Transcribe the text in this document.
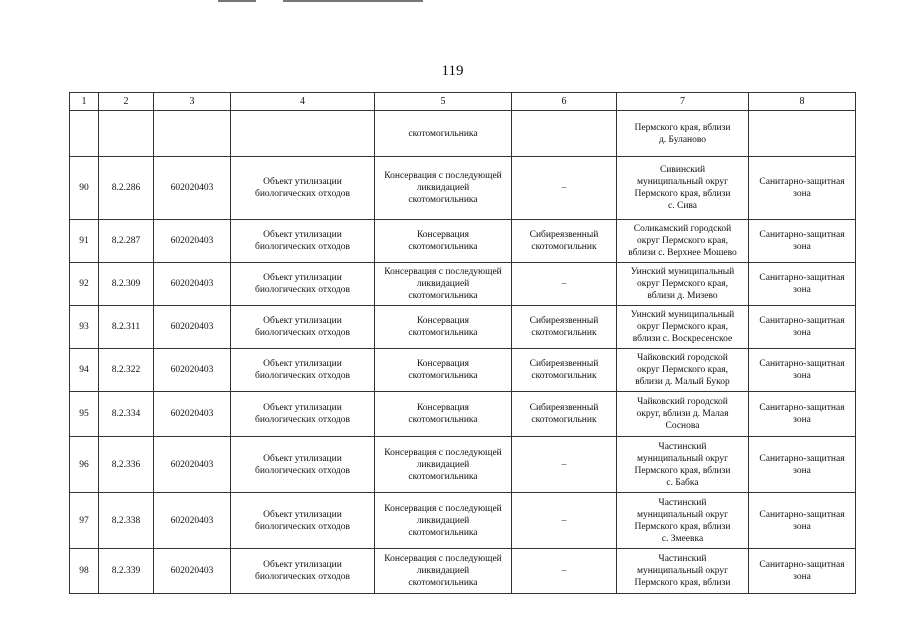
119
1	2	3	4	5	6	7	8
				скотомогильника		Пермского края, вблизи
д. Буланово	
90	8.2.286	602020403	Объект утилизации
биологических отходов	Консервация с последующей
ликвидацией
скотомогильника	–	Сивинский
муниципальный округ
Пермского края, вблизи
с. Сива	Санитарно-защитная
зона
91	8.2.287	602020403	Объект утилизации
биологических отходов	Консервация
скотомогильника	Сибиреязвенный
скотомогильник	Соликамский городской
округ Пермского края,
вблизи с. Верхнее Мошево	Санитарно-защитная
зона
92	8.2.309	602020403	Объект утилизации
биологических отходов	Консервация с последующей
ликвидацией
скотомогильника	–	Уинский муниципальный
округ Пермского края,
вблизи д. Мизево	Санитарно-защитная
зона
93	8.2.311	602020403	Объект утилизации
биологических отходов	Консервация
скотомогильника	Сибиреязвенный
скотомогильник	Уинский муниципальный
округ Пермского края,
вблизи с. Воскресенское	Санитарно-защитная
зона
94	8.2.322	602020403	Объект утилизации
биологических отходов	Консервация
скотомогильника	Сибиреязвенный
скотомогильник	Чайковский городской
округ Пермского края,
вблизи д. Малый Букор	Санитарно-защитная
зона
95	8.2.334	602020403	Объект утилизации
биологических отходов	Консервация
скотомогильника	Сибиреязвенный
скотомогильник	Чайковский городской
округ, вблизи д. Малая
Соснова	Санитарно-защитная
зона
96	8.2.336	602020403	Объект утилизации
биологических отходов	Консервация с последующей
ликвидацией
скотомогильника	–	Частинский
муниципальный округ
Пермского края, вблизи
с. Бабка	Санитарно-защитная
зона
97	8.2.338	602020403	Объект утилизации
биологических отходов	Консервация с последующей
ликвидацией
скотомогильника	–	Частинский
муниципальный округ
Пермского края, вблизи
с. Змеевка	Санитарно-защитная
зона
98	8.2.339	602020403	Объект утилизации
биологических отходов	Консервация с последующей
ликвидацией
скотомогильника	–	Частинский
муниципальный округ
Пермского края, вблизи	Санитарно-защитная
зона
